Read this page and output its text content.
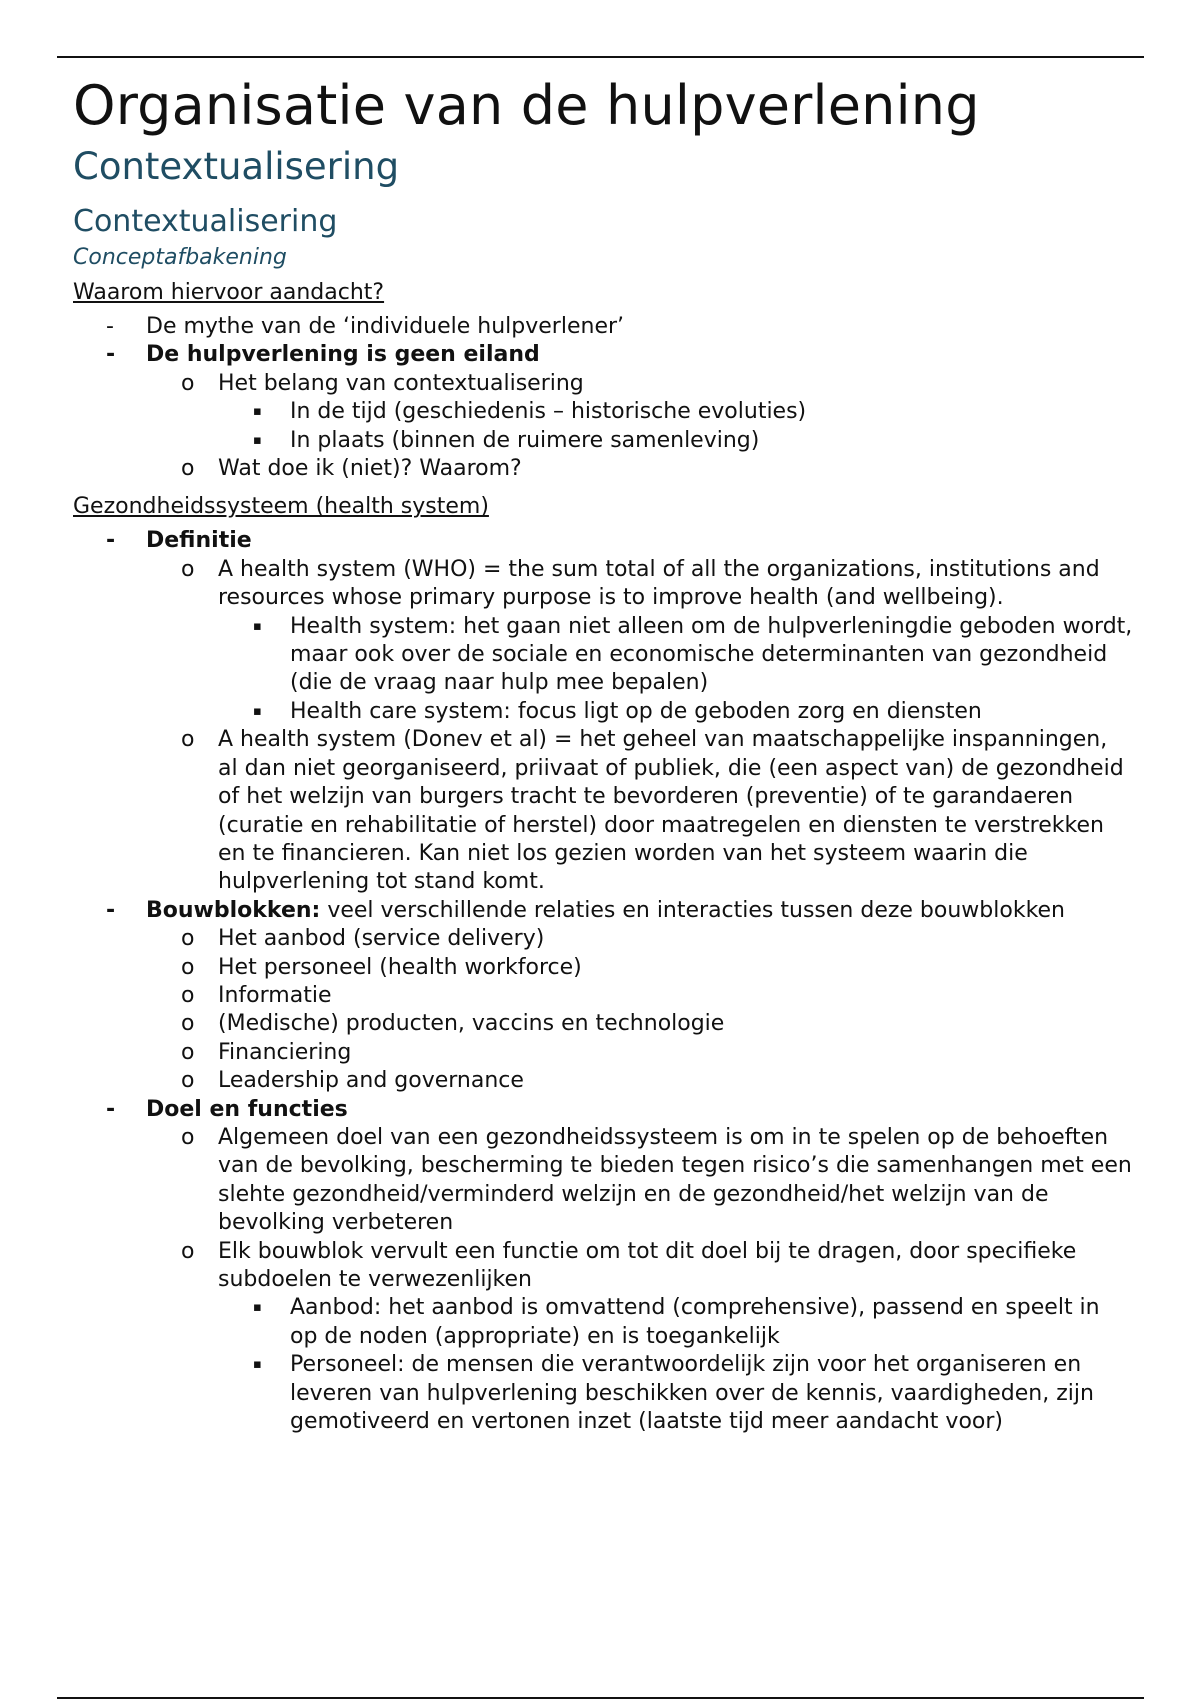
Organisatie van de hulpverlening
Contextualisering
Contextualisering
Conceptafbakening
Waarom hiervoor aandacht?
- De mythe van de ‘individuele hulpverlener’
- De hulpverlening is geen eiland
o Het belang van contextualisering
▪ In de tijd (geschiedenis – historische evoluties)
▪ In plaats (binnen de ruimere samenleving)
o Wat doe ik (niet)? Waarom?
Gezondheidssysteem (health system)
- Definitie
o A health system (WHO) = the sum total of all the organizations, institutions and resources whose primary purpose is to improve health (and wellbeing).
▪ Health system: het gaan niet alleen om de hulpverleningdie geboden wordt, maar ook over de sociale en economische determinanten van gezondheid (die de vraag naar hulp mee bepalen)
▪ Health care system: focus ligt op de geboden zorg en diensten
o A health system (Donev et al) = het geheel van maatschappelijke inspanningen, al dan niet georganiseerd, priivaat of publiek, die (een aspect van) de gezondheid of het welzijn van burgers tracht te bevorderen (preventie) of te garandaeren (curatie en rehabilitatie of herstel) door maatregelen en diensten te verstrekken en te financieren. Kan niet los gezien worden van het systeem waarin die hulpverlening tot stand komt.
- Bouwblokken: veel verschillende relaties en interacties tussen deze bouwblokken
o Het aanbod (service delivery)
o Het personeel (health workforce)
o Informatie
o (Medische) producten, vaccins en technologie
o Financiering
o Leadership and governance
- Doel en functies
o Algemeen doel van een gezondheidssysteem is om in te spelen op de behoeften van de bevolking, bescherming te bieden tegen risico’s die samenhangen met een slehte gezondheid/verminderd welzijn en de gezondheid/het welzijn van de bevolking verbeteren
o Elk bouwblok vervult een functie om tot dit doel bij te dragen, door specifieke subdoelen te verwezenlijken
▪ Aanbod: het aanbod is omvattend (comprehensive), passend en speelt in op de noden (appropriate) en is toegankelijk
▪ Personeel: de mensen die verantwoordelijk zijn voor het organiseren en leveren van hulpverlening beschikken over de kennis, vaardigheden, zijn gemotiveerd en vertonen inzet (laatste tijd meer aandacht voor)
